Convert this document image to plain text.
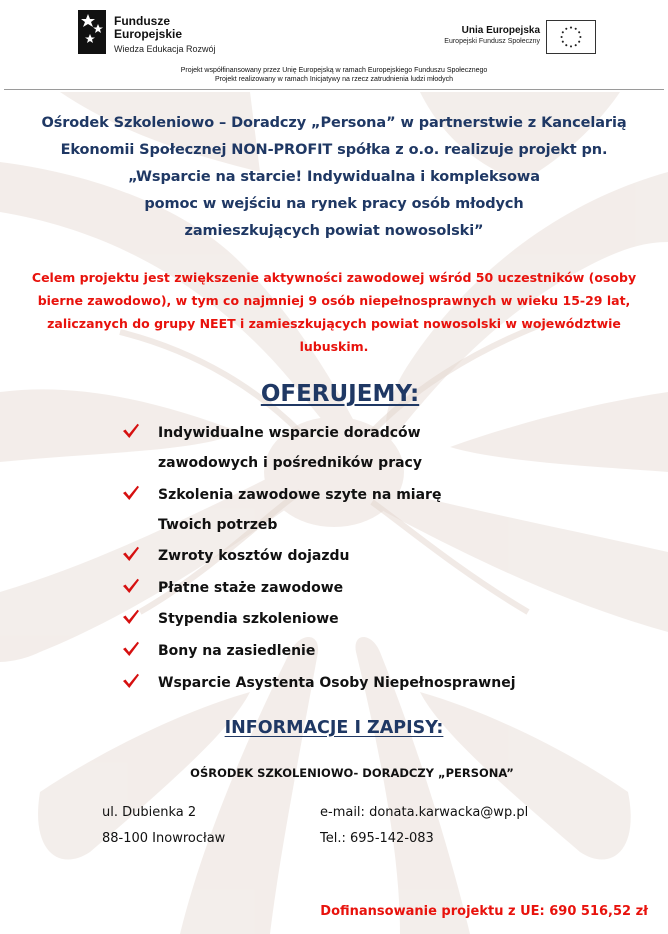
Fundusze
Europejskie
Wiedza Edukacja Rozwój
Unia Europejska
Europejski Fundusz Społeczny
Projekt współfinansowany przez Unię Europejską w ramach Europejskiego Funduszu Społecznego
Projekt realizowany w ramach Inicjatywy na rzecz zatrudnienia ludzi młodych
Ośrodek Szkoleniowo – Doradczy „Persona” w partnerstwie z Kancelarią
Ekonomii Społecznej NON-PROFIT spółka z o.o. realizuje projekt pn.
„Wsparcie na starcie! Indywidualna i kompleksowa
pomoc w wejściu na rynek pracy osób młodych
zamieszkujących powiat nowosolski”
Celem projektu jest zwiększenie aktywności zawodowej wśród 50 uczestników (osoby
bierne zawodowo), w tym co najmniej 9 osób niepełnosprawnych w wieku 15-29 lat,
zaliczanych do grupy NEET i zamieszkujących powiat nowosolski w województwie
lubuskim.
OFERUJEMY:
Indywidualne wsparcie doradców
zawodowych i pośredników pracy
Szkolenia zawodowe szyte na miarę
Twoich potrzeb
Zwroty kosztów dojazdu
Płatne staże zawodowe
Stypendia szkoleniowe
Bony na zasiedlenie
Wsparcie Asystenta Osoby Niepełnosprawnej
INFORMACJE I ZAPISY:
OŚRODEK SZKOLENIOWO- DORADCZY „PERSONA”
ul. Dubienka 2
88-100 Inowrocław
e-mail: donata.karwacka@wp.pl
Tel.: 695-142-083
Dofinansowanie projektu z UE: 690 516,52 zł
